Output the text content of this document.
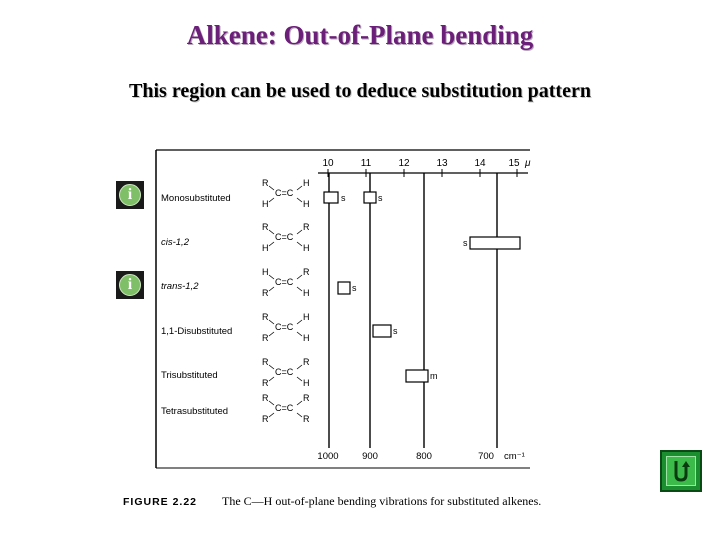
Alkene: Out-of-Plane bending
This region can be used to deduce substitution pattern
i
i
10	11	12	13	14 15 μ
1000 900	800	700 cm⁻¹
Monosubstituted
cis-1,2
trans-1,2
1,1-Disubstituted
Trisubstituted
Tetrasubstituted
R	H
C=C
H	H
R	R
C=C
H	H
H	R
C=C
R	H
R	H
C=C
R	H
R	R
C=C
R	H
R	R
C=C
R	R
s	s
s
s
s
m
FIGURE 2.22 The C—H out-of-plane bending vibrations for substituted alkenes.
